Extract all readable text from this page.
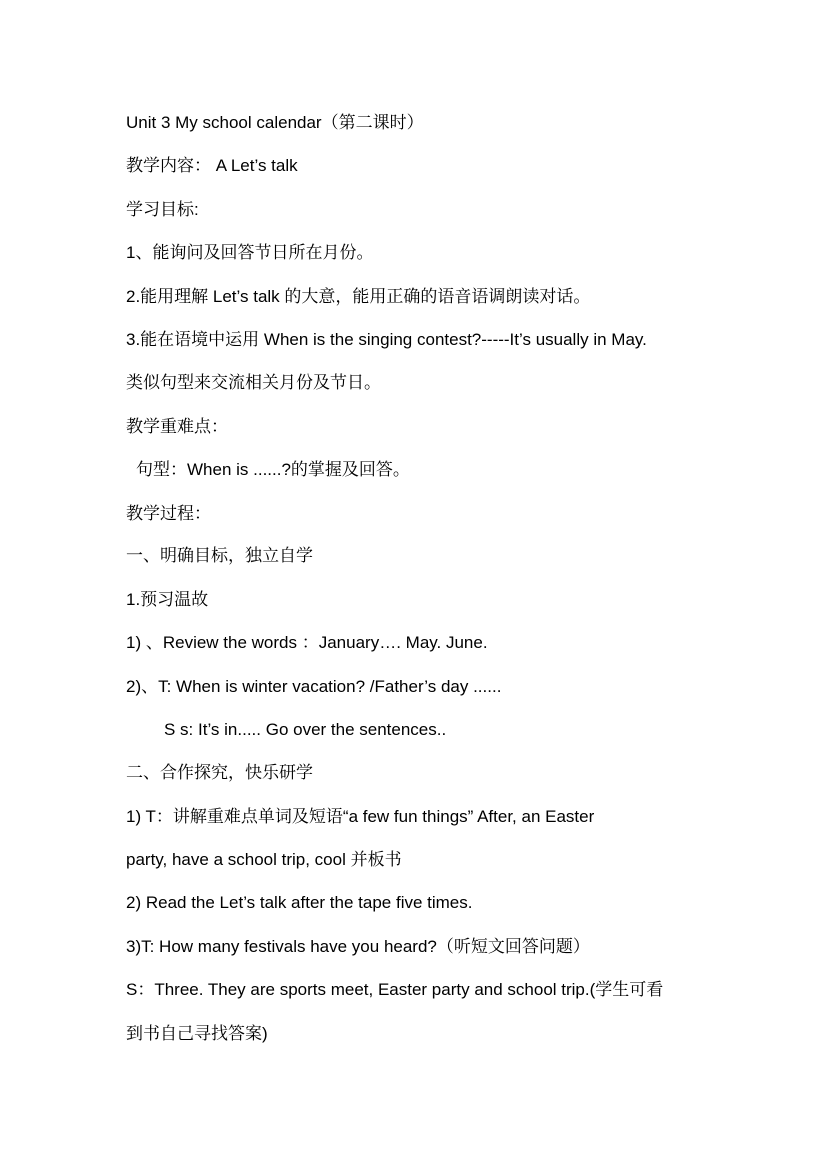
Unit 3 My school calendar（第二课时）
教学内容： A Let’s talk
学习目标:
1、能询问及回答节日所在月份。
2.能用理解 Let’s talk 的大意，能用正确的语音语调朗读对话。
3.能在语境中运用 When is the singing contest?-----It’s usually in May.
类似句型来交流相关月份及节日。
教学重难点：
句型：When is ......?的掌握及回答。
教学过程：
一、明确目标，独立自学
1.预习温故
1) 、Review the words ：January…. May. June.
2)、T: When is winter vacation? /Father’s day ......
S s: It’s in..... Go over the sentences..
二、合作探究，快乐研学
1) T：讲解重难点单词及短语“a few fun things” After, an Easter
party, have a school trip, cool 并板书
2) Read the Let’s talk after the tape five times.
3)T: How many festivals have you heard?（听短文回答问题）
S：Three. They are sports meet, Easter party and school trip.(学生可看
到书自己寻找答案)
